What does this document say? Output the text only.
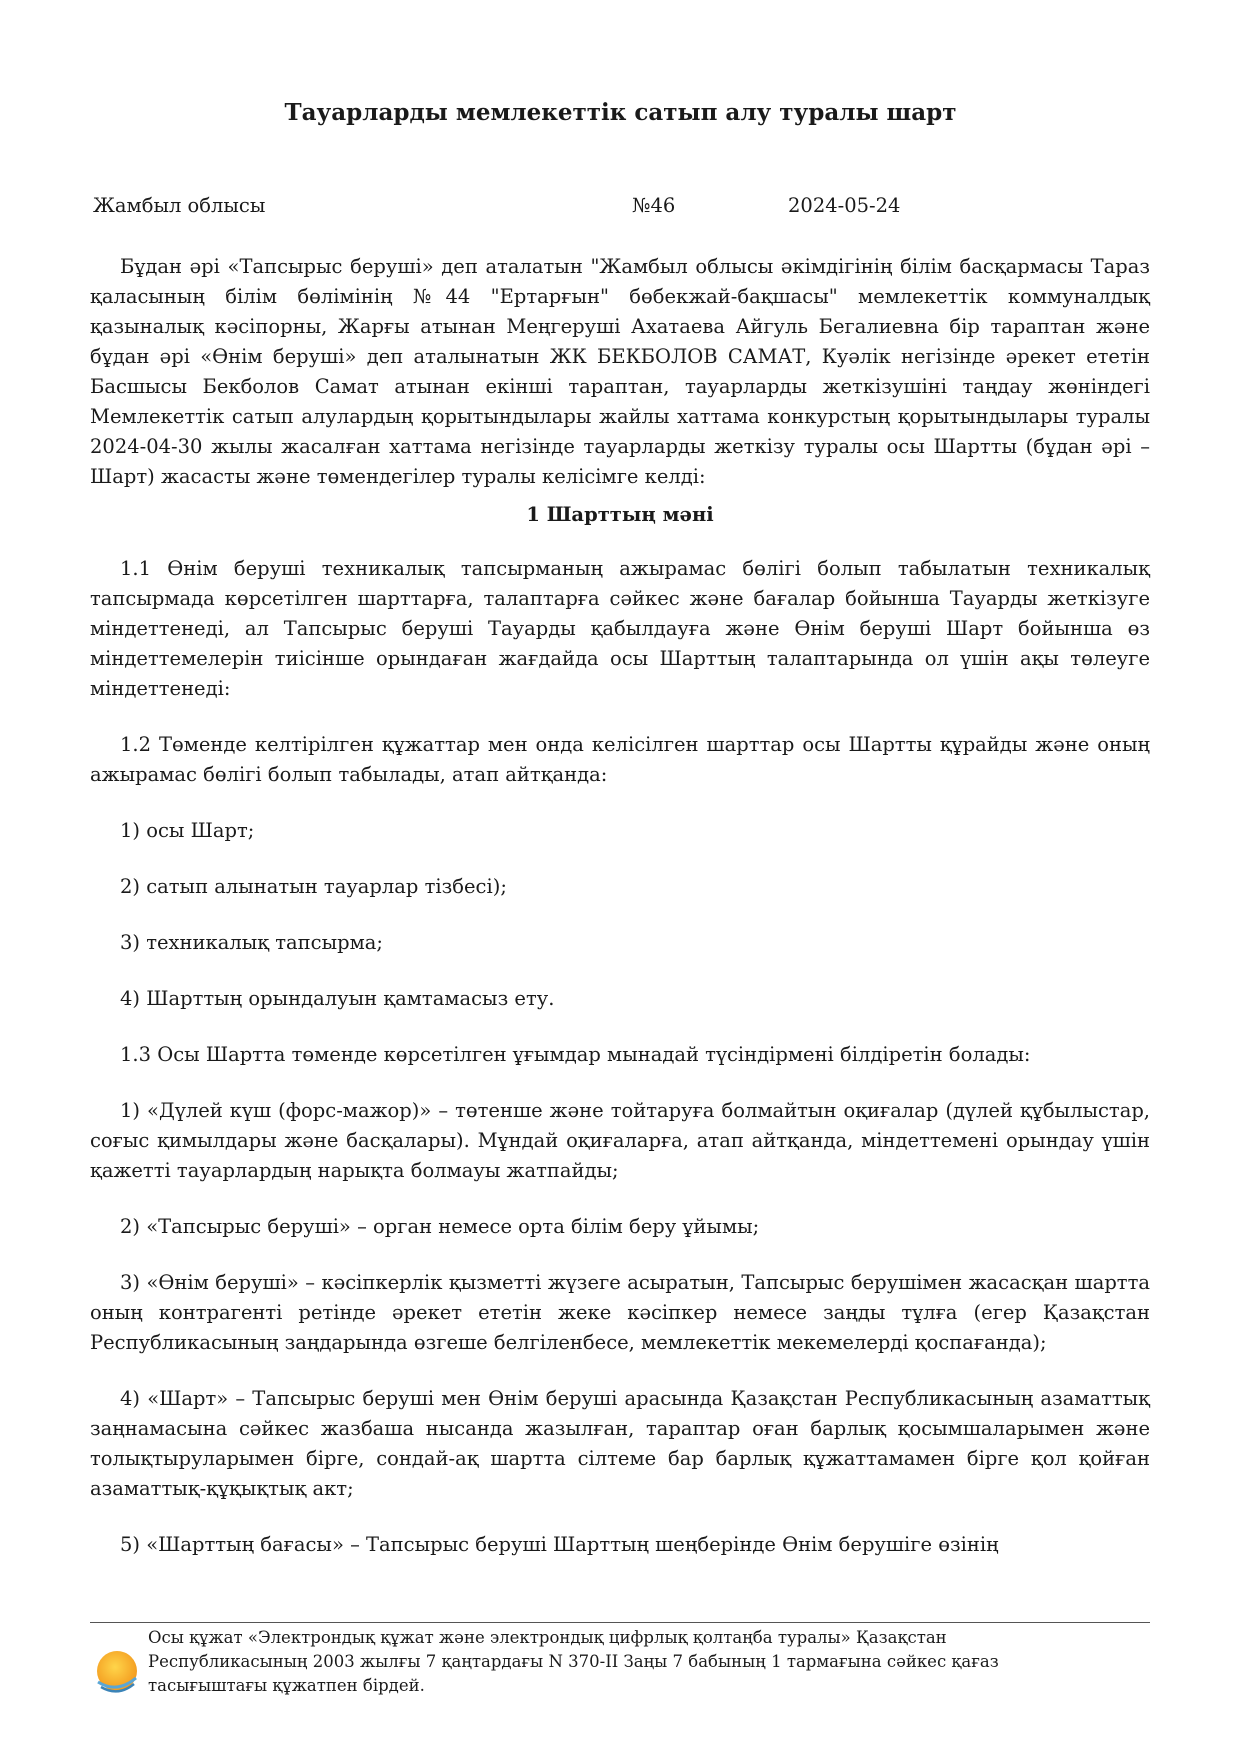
Тауарларды мемлекеттік сатып алу туралы шарт
Жамбыл облысы	№46	2024-05-24

Бұдан әрі «Тапсырыс беруші» деп аталатын "Жамбыл облысы әкімдігінің білім басқармасы Тараз қаласының білім бөлімінің №44 "Ертарғын" бөбекжай-бақшасы" мемлекеттік коммуналдық қазыналық кәсіпорны, Жарғы атынан Меңгеруші Ахатаева Айгуль Бегалиевна бір тараптан және бұдан әрі «Өнім беруші» деп аталынатын ЖК БЕКБОЛОВ САМАТ, Куәлік негізінде әрекет ететін Басшысы Бекболов Самат атынан екінші тараптан, тауарларды жеткізушіні таңдау жөніндегі Мемлекеттік сатып алулардың қорытындылары жайлы хаттама конкурстың қорытындылары туралы 2024-04-30 жылы жасалған хаттама негізінде тауарларды жеткізу туралы осы Шартты (бұдан әрі – Шарт) жасасты және төмендегілер туралы келісімге келді:

1 Шарттың мәні

1.1 Өнім беруші техникалық тапсырманың ажырамас бөлігі болып табылатын техникалық тапсырмада көрсетілген шарттарға, талаптарға сәйкес және бағалар бойынша Тауарды жеткізуге міндеттенеді, ал Тапсырыс беруші Тауарды қабылдауға және Өнім беруші Шарт бойынша өз міндеттемелерін тиісінше орындаған жағдайда осы Шарттың талаптарында ол үшін ақы төлеуге міндеттенеді:

1.2 Төменде келтірілген құжаттар мен онда келісілген шарттар осы Шартты құрайды және оның ажырамас бөлігі болып табылады, атап айтқанда:

1) осы Шарт;

2) сатып алынатын тауарлар тізбесі);

3) техникалық тапсырма;

4) Шарттың орындалуын қамтамасыз ету.

1.3 Осы Шартта төменде көрсетілген ұғымдар мынадай түсіндірмені білдіретін болады:

1) «Дүлей күш (форс-мажор)» – төтенше және тойтаруға болмайтын оқиғалар (дүлей құбылыстар, соғыс қимылдары және басқалары). Мұндай оқиғаларға, атап айтқанда, міндеттемені орындау үшін қажетті тауарлардың нарықта болмауы жатпайды;

2) «Тапсырыс беруші» – орган немесе орта білім беру ұйымы;

3) «Өнім беруші» – кәсіпкерлік қызметті жүзеге асыратын, Тапсырыс берушімен жасасқан шартта оның контрагенті ретінде әрекет ететін жеке кәсіпкер немесе заңды тұлға (егер Қазақстан Республикасының заңдарында өзгеше белгіленбесе, мемлекеттік мекемелерді қоспағанда);

4) «Шарт» – Тапсырыс беруші мен Өнім беруші арасында Қазақстан Республикасының азаматтық заңнамасына сәйкес жазбаша нысанда жазылған, тараптар оған барлық қосымшаларымен және толықтыруларымен бірге, сондай-ақ шартта сілтеме бар барлық құжаттамамен бірге қол қойған азаматтық-құқықтық акт;

5) «Шарттың бағасы» – Тапсырыс беруші Шарттың шеңберінде Өнім берушіге өзінің

Осы құжат «Электрондық құжат және электрондық цифрлық қолтаңба туралы» Қазақстан Республикасының 2003 жылғы 7 қаңтардағы N 370-II Заңы 7 бабының 1 тармағына сәйкес қағаз тасығыштағы құжатпен бірдей.
